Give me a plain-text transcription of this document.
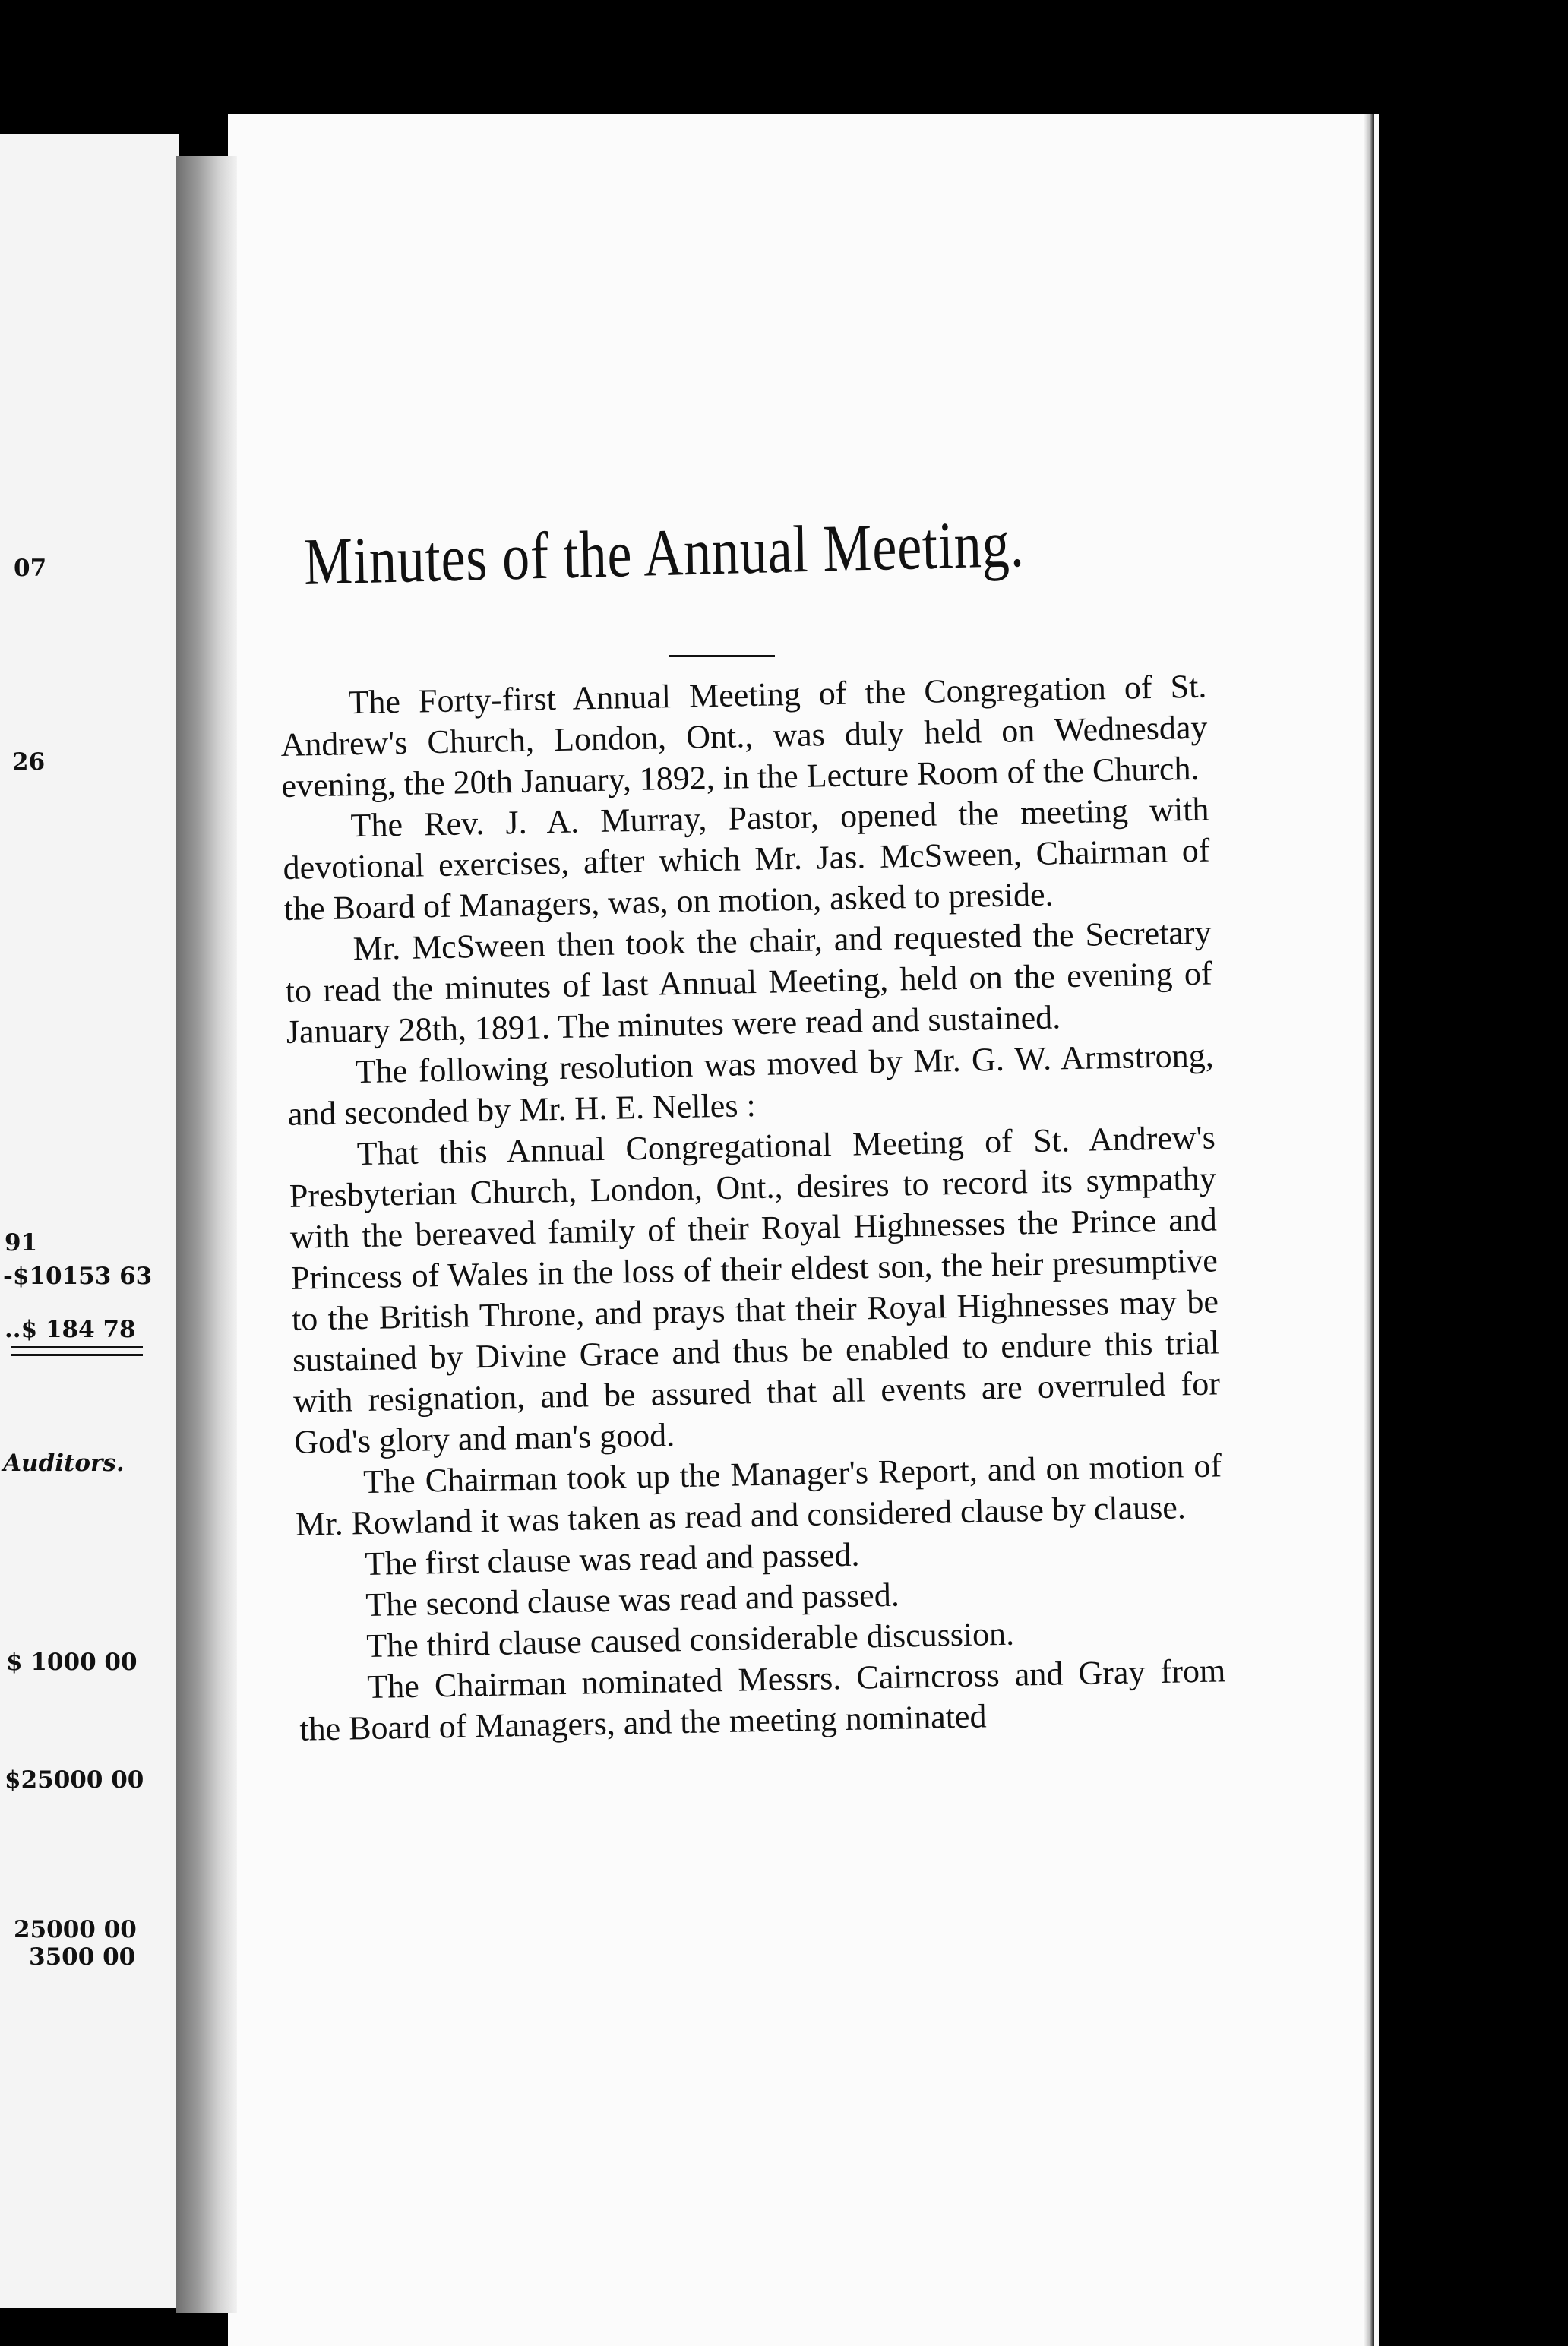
07
26
91
-$10153 63
..$ 184 78
Auditors.
$ 1000 00
$25000 00
25000 00
3500 00
Minutes of the Annual Meeting.

The Forty-first Annual Meeting of the Congregation of St. Andrew's Church, London, Ont., was duly held on Wednesday evening, the 20th January, 1892, in the Lecture Room of the Church.

The Rev. J. A. Murray, Pastor, opened the meeting with devotional exercises, after which Mr. Jas. McSween, Chairman of the Board of Managers, was, on motion, asked to preside.

Mr. McSween then took the chair, and requested the Secretary to read the minutes of last Annual Meeting, held on the evening of January 28th, 1891. The minutes were read and sustained.

The following resolution was moved by Mr. G. W. Armstrong, and seconded by Mr. H. E. Nelles :

That this Annual Congregational Meeting of St. Andrew's Presbyterian Church, London, Ont., desires to record its sympathy with the bereaved family of their Royal Highnesses the Prince and Princess of Wales in the loss of their eldest son, the heir presumptive to the British Throne, and prays that their Royal Highnesses may be sustained by Divine Grace and thus be enabled to endure this trial with resignation, and be assured that all events are overruled for God's glory and man's good.

The Chairman took up the Manager's Report, and on motion of Mr. Rowland it was taken as read and considered clause by clause.

The first clause was read and passed.

The second clause was read and passed.

The third clause caused considerable discussion.

The Chairman nominated Messrs. Cairncross and Gray from the Board of Managers, and the meeting nominated
